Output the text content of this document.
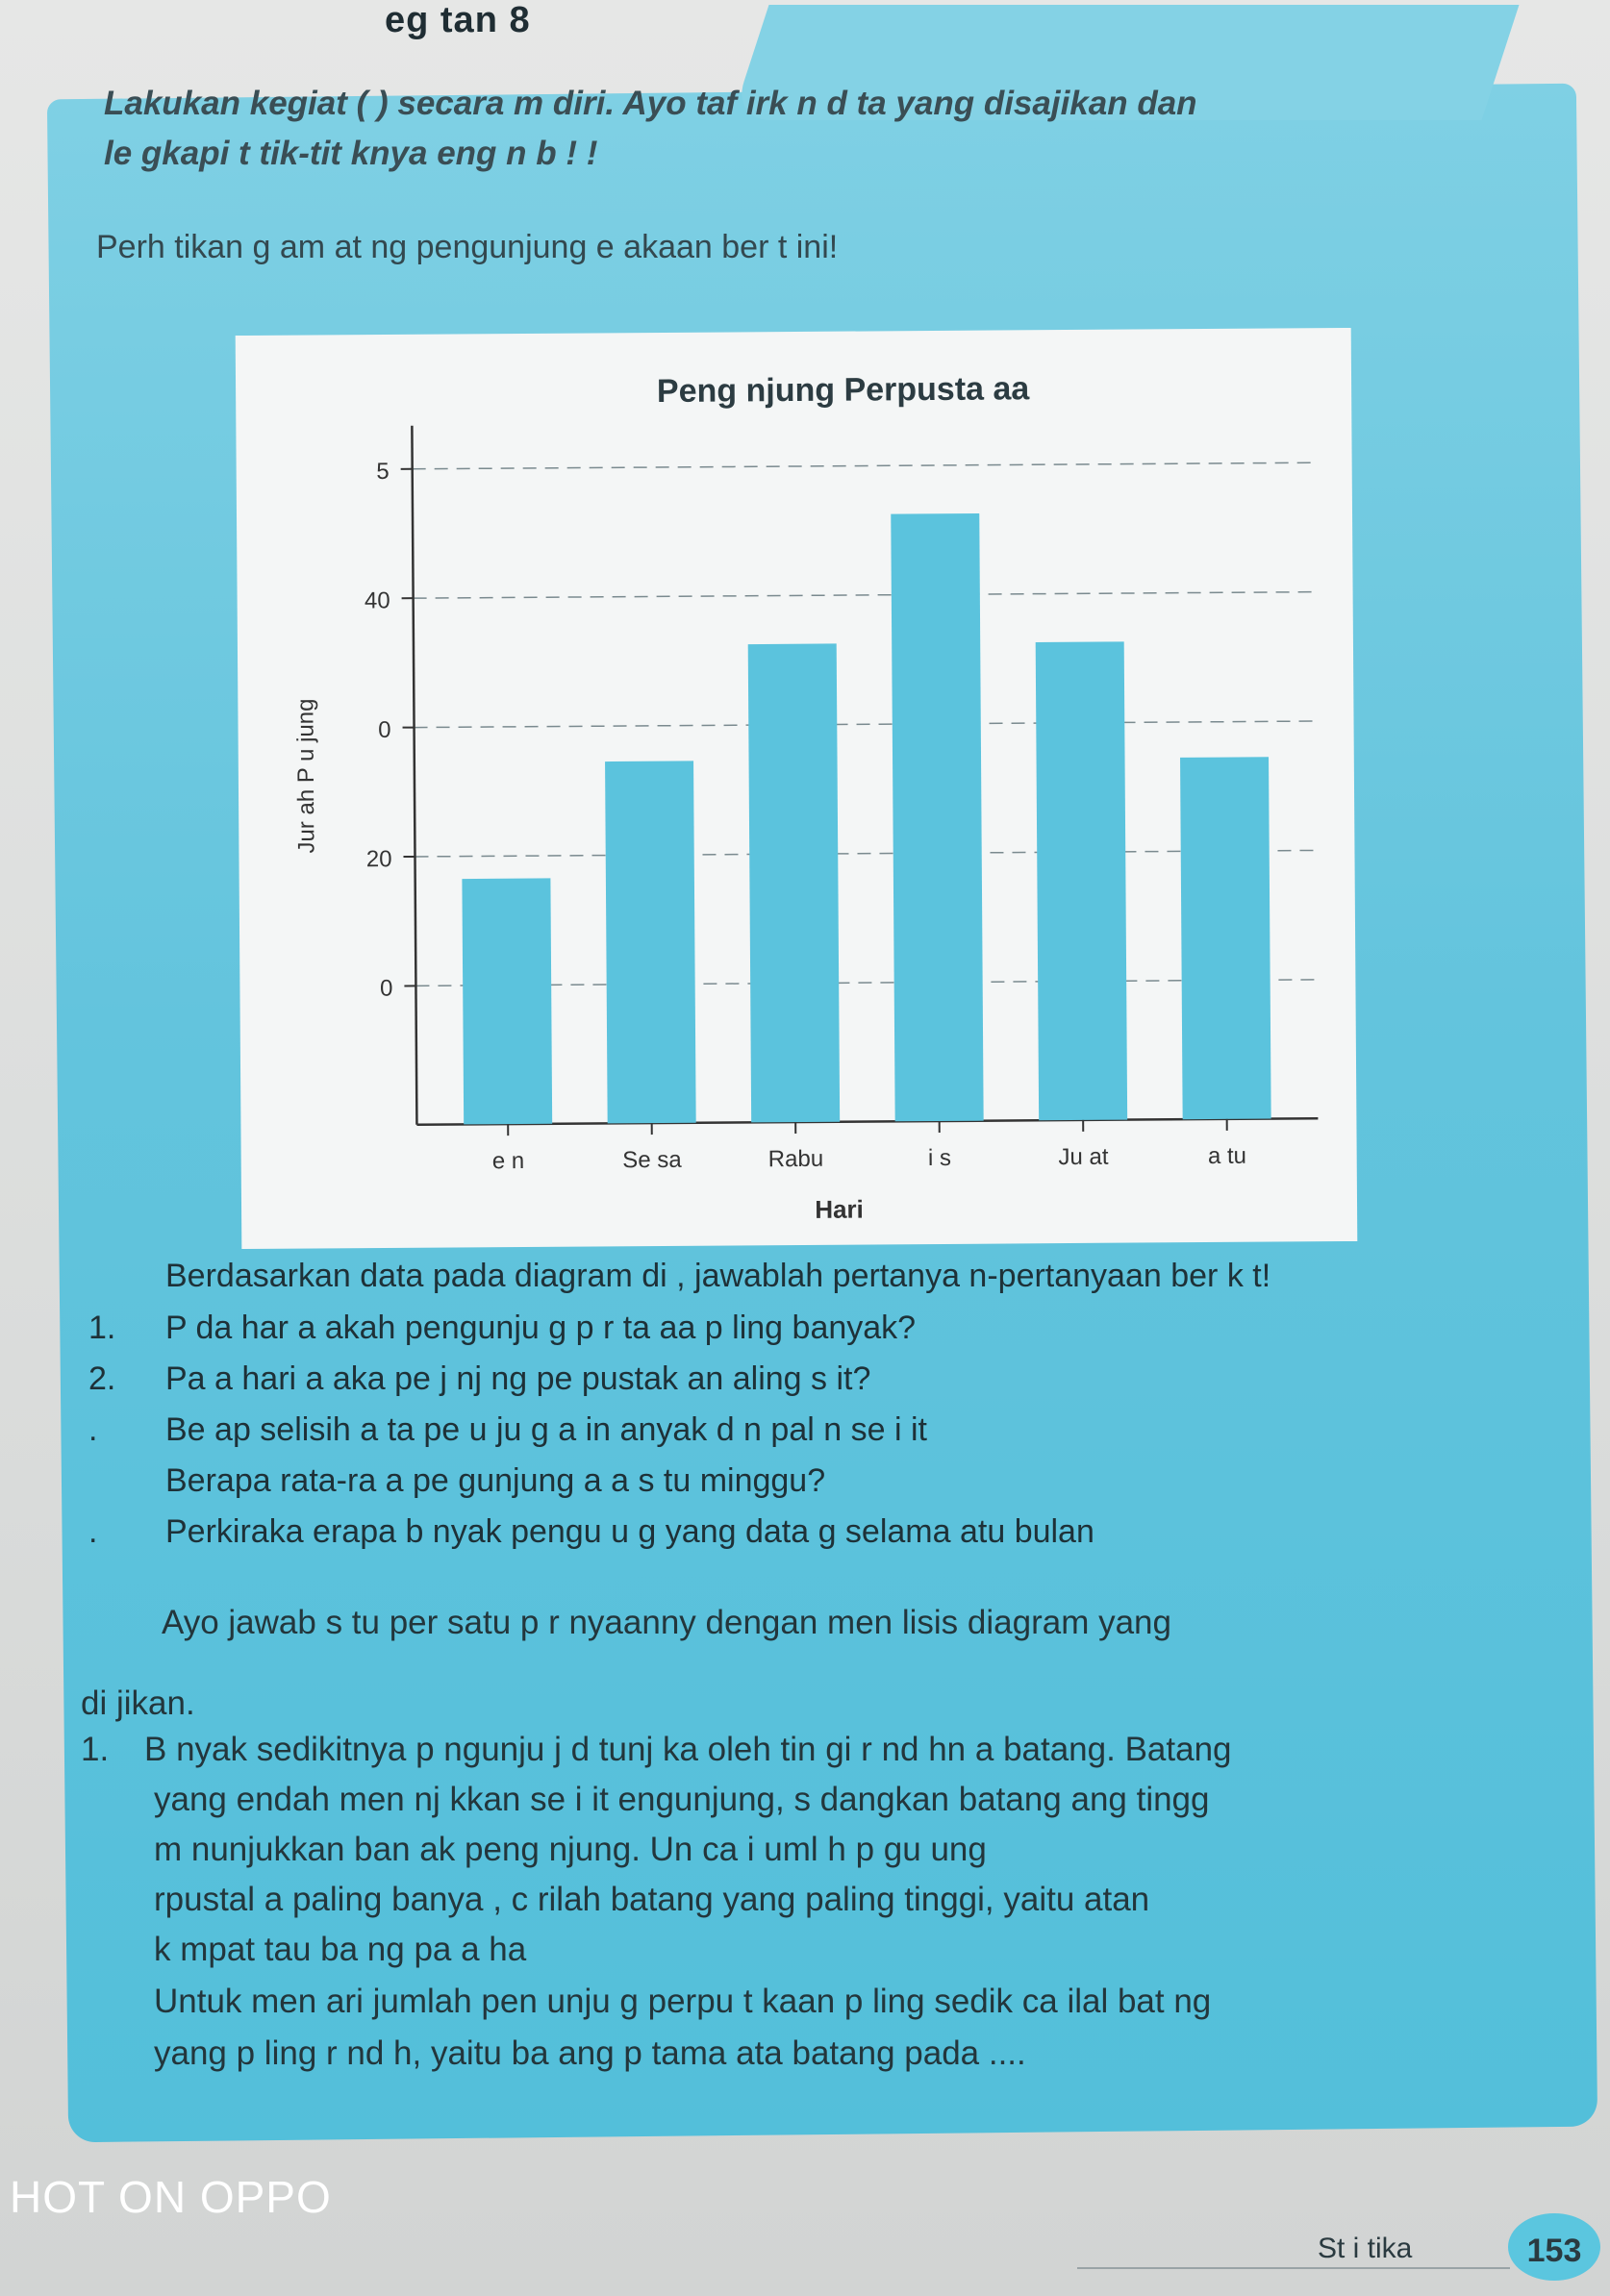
eg tan 8
Lakukan kegiat ( ) secara m diri. Ayo taf irk n d ta yang disajikan dan
le gkapi t tik-tit knya eng n b ! !
Perh tikan g am at ng pengunjung e akaan ber t ini!
Peng njung Perpusta aa
0
20
0
40
5
e n	Se sa	Rabu	i s	Ju at	a tu
Hari
Jur ah P u jung
Berdasarkan data pada diagram di , jawablah pertanya n-pertanyaan ber k t!
1. P da har a akah pengunju g p r ta aa p ling banyak?
2. Pa a hari a aka pe j nj ng pe pustak an aling s it?
. Be ap selisih a ta pe u ju g a in anyak d n pal n se i it
Berapa rata-ra a pe gunjung a a s tu minggu?
. Perkiraka erapa b nyak pengu u g yang data g selama atu bulan
Ayo jawab s tu per satu p r nyaanny dengan men lisis diagram yang
di jikan.
1. B nyak sedikitnya p ngunju j d tunj ka oleh tin gi r nd hn a batang. Batang
yang endah men nj kkan se i it engunjung, s dangkan batang ang tingg
m nunjukkan ban ak peng njung. Un ca i uml h p gu ung
rpustal a paling banya , c rilah batang yang paling tinggi, yaitu atan
k mpat tau ba ng pa a ha
Untuk men ari jumlah pen unju g perpu t kaan p ling sedik ca ilal bat ng
yang p ling r nd h, yaitu ba ang p tama ata batang pada ....
HOT ON OPPO
St i tika	153
